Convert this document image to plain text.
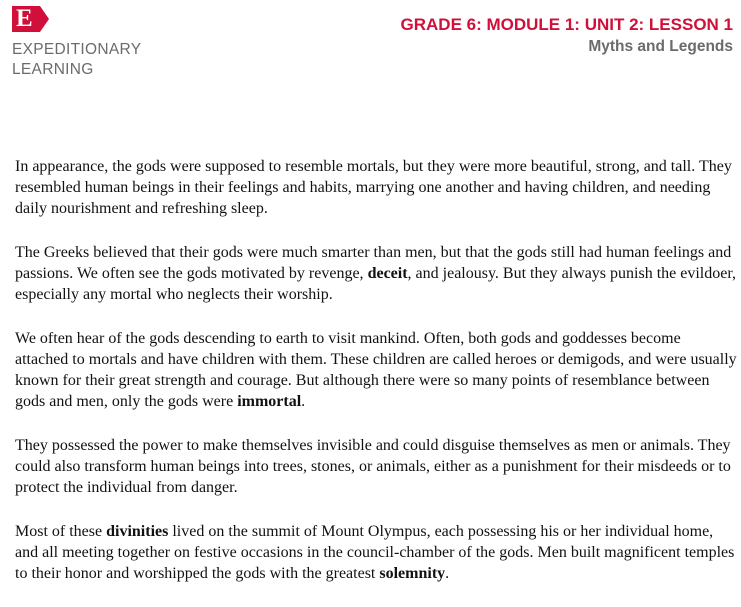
E
EXPEDITIONARY
LEARNING
GRADE 6: MODULE 1: UNIT 2: LESSON 1
Myths and Legends

In appearance, the gods were supposed to resemble mortals, but they were more beautiful, strong, and tall. They resembled human beings in their feelings and habits, marrying one another and having children, and needing daily nourishment and refreshing sleep.

The Greeks believed that their gods were much smarter than men, but that the gods still had human feelings and passions. We often see the gods motivated by revenge, deceit, and jealousy. But they always punish the evildoer, especially any mortal who neglects their worship.

We often hear of the gods descending to earth to visit mankind. Often, both gods and goddesses become attached to mortals and have children with them. These children are called heroes or demigods, and were usually known for their great strength and courage. But although there were so many points of resemblance between gods and men, only the gods were immortal.

They possessed the power to make themselves invisible and could disguise themselves as men or animals. They could also transform human beings into trees, stones, or animals, either as a punishment for their misdeeds or to protect the individual from danger.

Most of these divinities lived on the summit of Mount Olympus, each possessing his or her individual home, and all meeting together on festive occasions in the council-chamber of the gods. Men built magnificent temples to their honor and worshipped the gods with the greatest solemnity.
